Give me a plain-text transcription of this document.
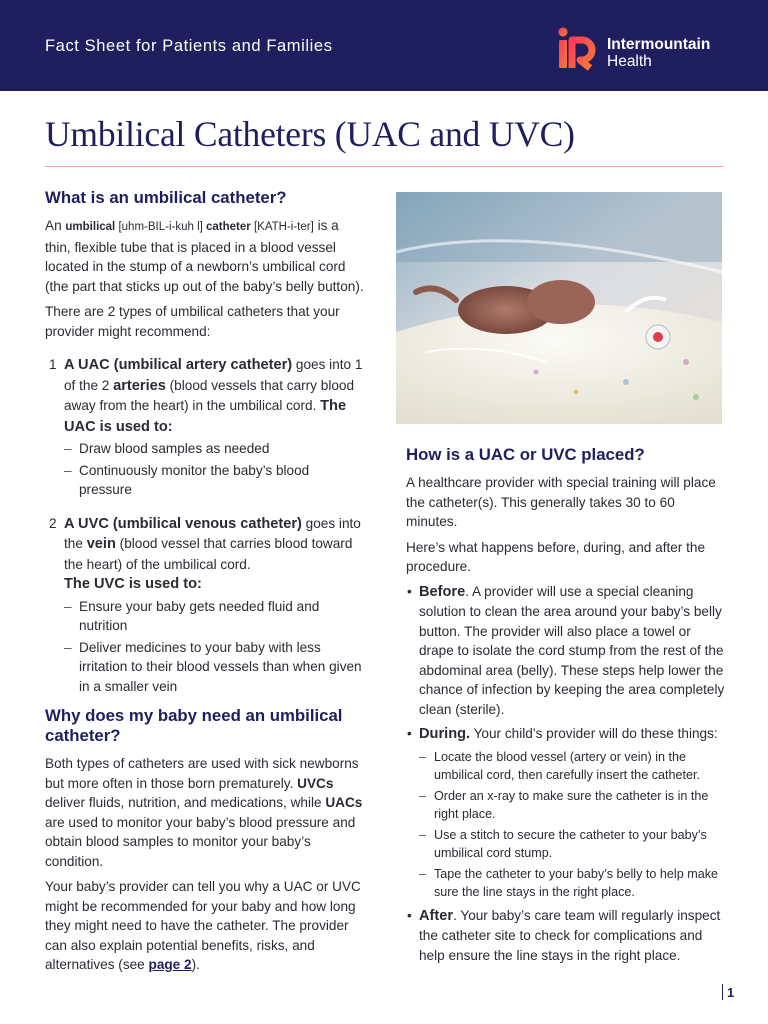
Fact Sheet for Patients and Families	Intermountain
Health
Umbilical Catheters (UAC and UVC)
What is an umbilical catheter?

An umbilical [uhm-BIL-i-kuh l] catheter [KATH-i-ter] is a thin, flexible tube that is placed in a blood vessel located in the stump of a newborn’s umbilical cord (the part that sticks up out of the baby’s belly button).

There are 2 types of umbilical catheters that your provider might recommend:

1 A UAC (umbilical artery catheter) goes into 1 of the 2 arteries (blood vessels that carry blood away from the heart) in the umbilical cord. The UAC is used to:
– Draw blood samples as needed
– Continuously monitor the baby’s blood pressure
2 A UVC (umbilical venous catheter) goes into the vein (blood vessel that carries blood toward the heart) of the umbilical cord.
The UVC is used to:
– Ensure your baby gets needed fluid and nutrition
– Deliver medicines to your baby with less irritation to their blood vessels than when given in a smaller vein
Why does my baby need an umbilical catheter?

Both types of catheters are used with sick newborns but more often in those born prematurely. UVCs deliver fluids, nutrition, and medications, while UACs are used to monitor your baby’s blood pressure and obtain blood samples to monitor your baby’s condition.

Your baby’s provider can tell you why a UAC or UVC might be recommended for your baby and how long they might need to have the catheter. The provider can also explain potential benefits, risks, and alternatives (see page 2).

How is a UAC or UVC placed?

A healthcare provider with special training will place the catheter(s). This generally takes 30 to 60 minutes.

Here’s what happens before, during, and after the procedure.

• Before. A provider will use a special cleaning solution to clean the area around your baby’s belly button. The provider will also place a towel or drape to isolate the cord stump from the rest of the abdominal area (belly). These steps help lower the chance of infection by keeping the area completely clean (sterile).
• During. Your child’s provider will do these things:
– Locate the blood vessel (artery or vein) in the umbilical cord, then carefully insert the catheter.
– Order an x-ray to make sure the catheter is in the right place.
– Use a stitch to secure the catheter to your baby’s umbilical cord stump.
– Tape the catheter to your baby’s belly to help make sure the line stays in the right place.
• After. Your baby’s care team will regularly inspect the catheter site to check for complications and help ensure the line stays in the right place.
1
